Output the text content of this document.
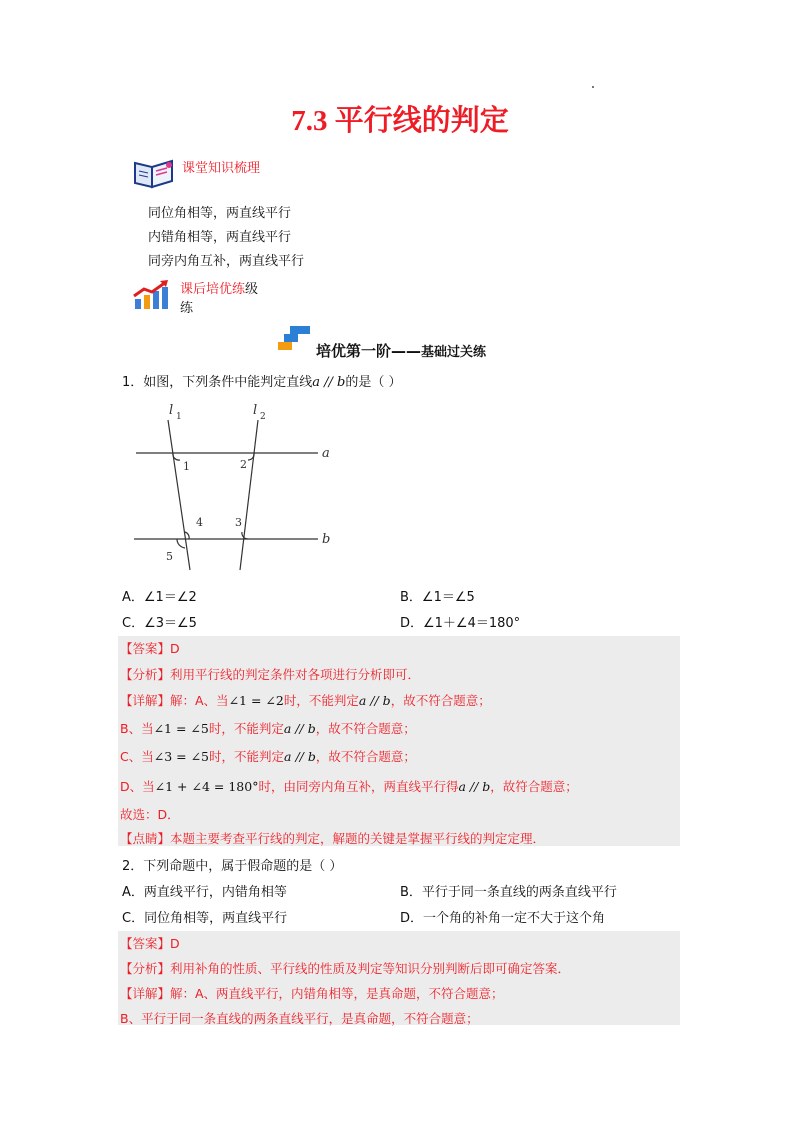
7.3 平行线的判定
课堂知识梳理
同位角相等，两直线平行
内错角相等，两直线平行
同旁内角互补，两直线平行
课后培优练级
练
培优第一阶——基础过关练
1．如图，下列条件中能判定直线a // b的是（ ）
l 1	l 2
a
b
1	2
3
4
5
A．∠1＝∠2	B．∠1＝∠5
C．∠3＝∠5	D．∠1＋∠4＝180°
【答案】D
【分析】利用平行线的判定条件对各项进行分析即可．
【详解】解：A、当∠1 = ∠2时，不能判定a // b，故不符合题意；
B、当∠1 = ∠5时，不能判定a // b，故不符合题意；
C、当∠3 = ∠5时，不能判定a // b，故不符合题意；
D、当∠1 + ∠4 = 180°时，由同旁内角互补，两直线平行得a // b，故符合题意；
故选：D．
【点睛】本题主要考查平行线的判定，解题的关键是掌握平行线的判定定理．
2．下列命题中，属于假命题的是（ ）
A．两直线平行，内错角相等	B．平行于同一条直线的两条直线平行
C．同位角相等，两直线平行	D．一个角的补角一定不大于这个角
【答案】D
【分析】利用补角的性质、平行线的性质及判定等知识分别判断后即可确定答案．
【详解】解：A、两直线平行，内错角相等，是真命题，不符合题意；
B、平行于同一条直线的两条直线平行，是真命题，不符合题意；
